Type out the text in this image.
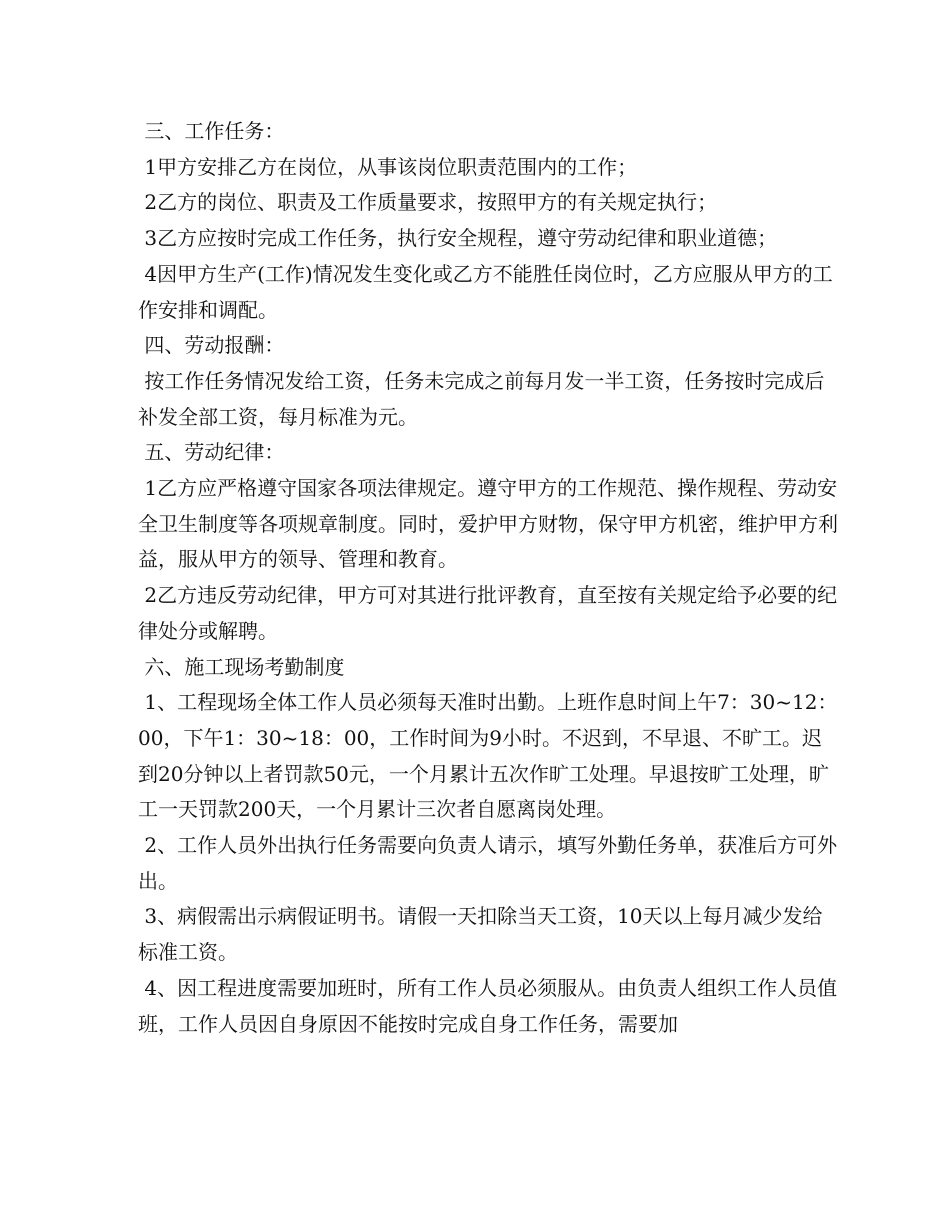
三、工作任务：

1甲方安排乙方在岗位，从事该岗位职责范围内的工作；

2乙方的岗位、职责及工作质量要求，按照甲方的有关规定执行；

3乙方应按时完成工作任务，执行安全规程，遵守劳动纪律和职业道德；

4因甲方生产(工作)情况发生变化或乙方不能胜任岗位时，乙方应服从甲方的工作安排和调配。

四、劳动报酬：

按工作任务情况发给工资，任务未完成之前每月发一半工资，任务按时完成后补发全部工资，每月标准为元。

五、劳动纪律：

1乙方应严格遵守国家各项法律规定。遵守甲方的工作规范、操作规程、劳动安全卫生制度等各项规章制度。同时，爱护甲方财物，保守甲方机密，维护甲方利益，服从甲方的领导、管理和教育。

2乙方违反劳动纪律，甲方可对其进行批评教育，直至按有关规定给予必要的纪律处分或解聘。

六、施工现场考勤制度

1、工程现场全体工作人员必须每天准时出勤。上班作息时间上午7：30~12：00，下午1：30~18：00，工作时间为9小时。不迟到，不早退、不旷工。迟到20分钟以上者罚款50元，一个月累计五次作旷工处理。早退按旷工处理，旷工一天罚款200天，一个月累计三次者自愿离岗处理。

2、工作人员外出执行任务需要向负责人请示，填写外勤任务单，获准后方可外出。

3、病假需出示病假证明书。请假一天扣除当天工资，10天以上每月减少发给标准工资。

4、因工程进度需要加班时，所有工作人员必须服从。由负责人组织工作人员值班，工作人员因自身原因不能按时完成自身工作任务，需要加
